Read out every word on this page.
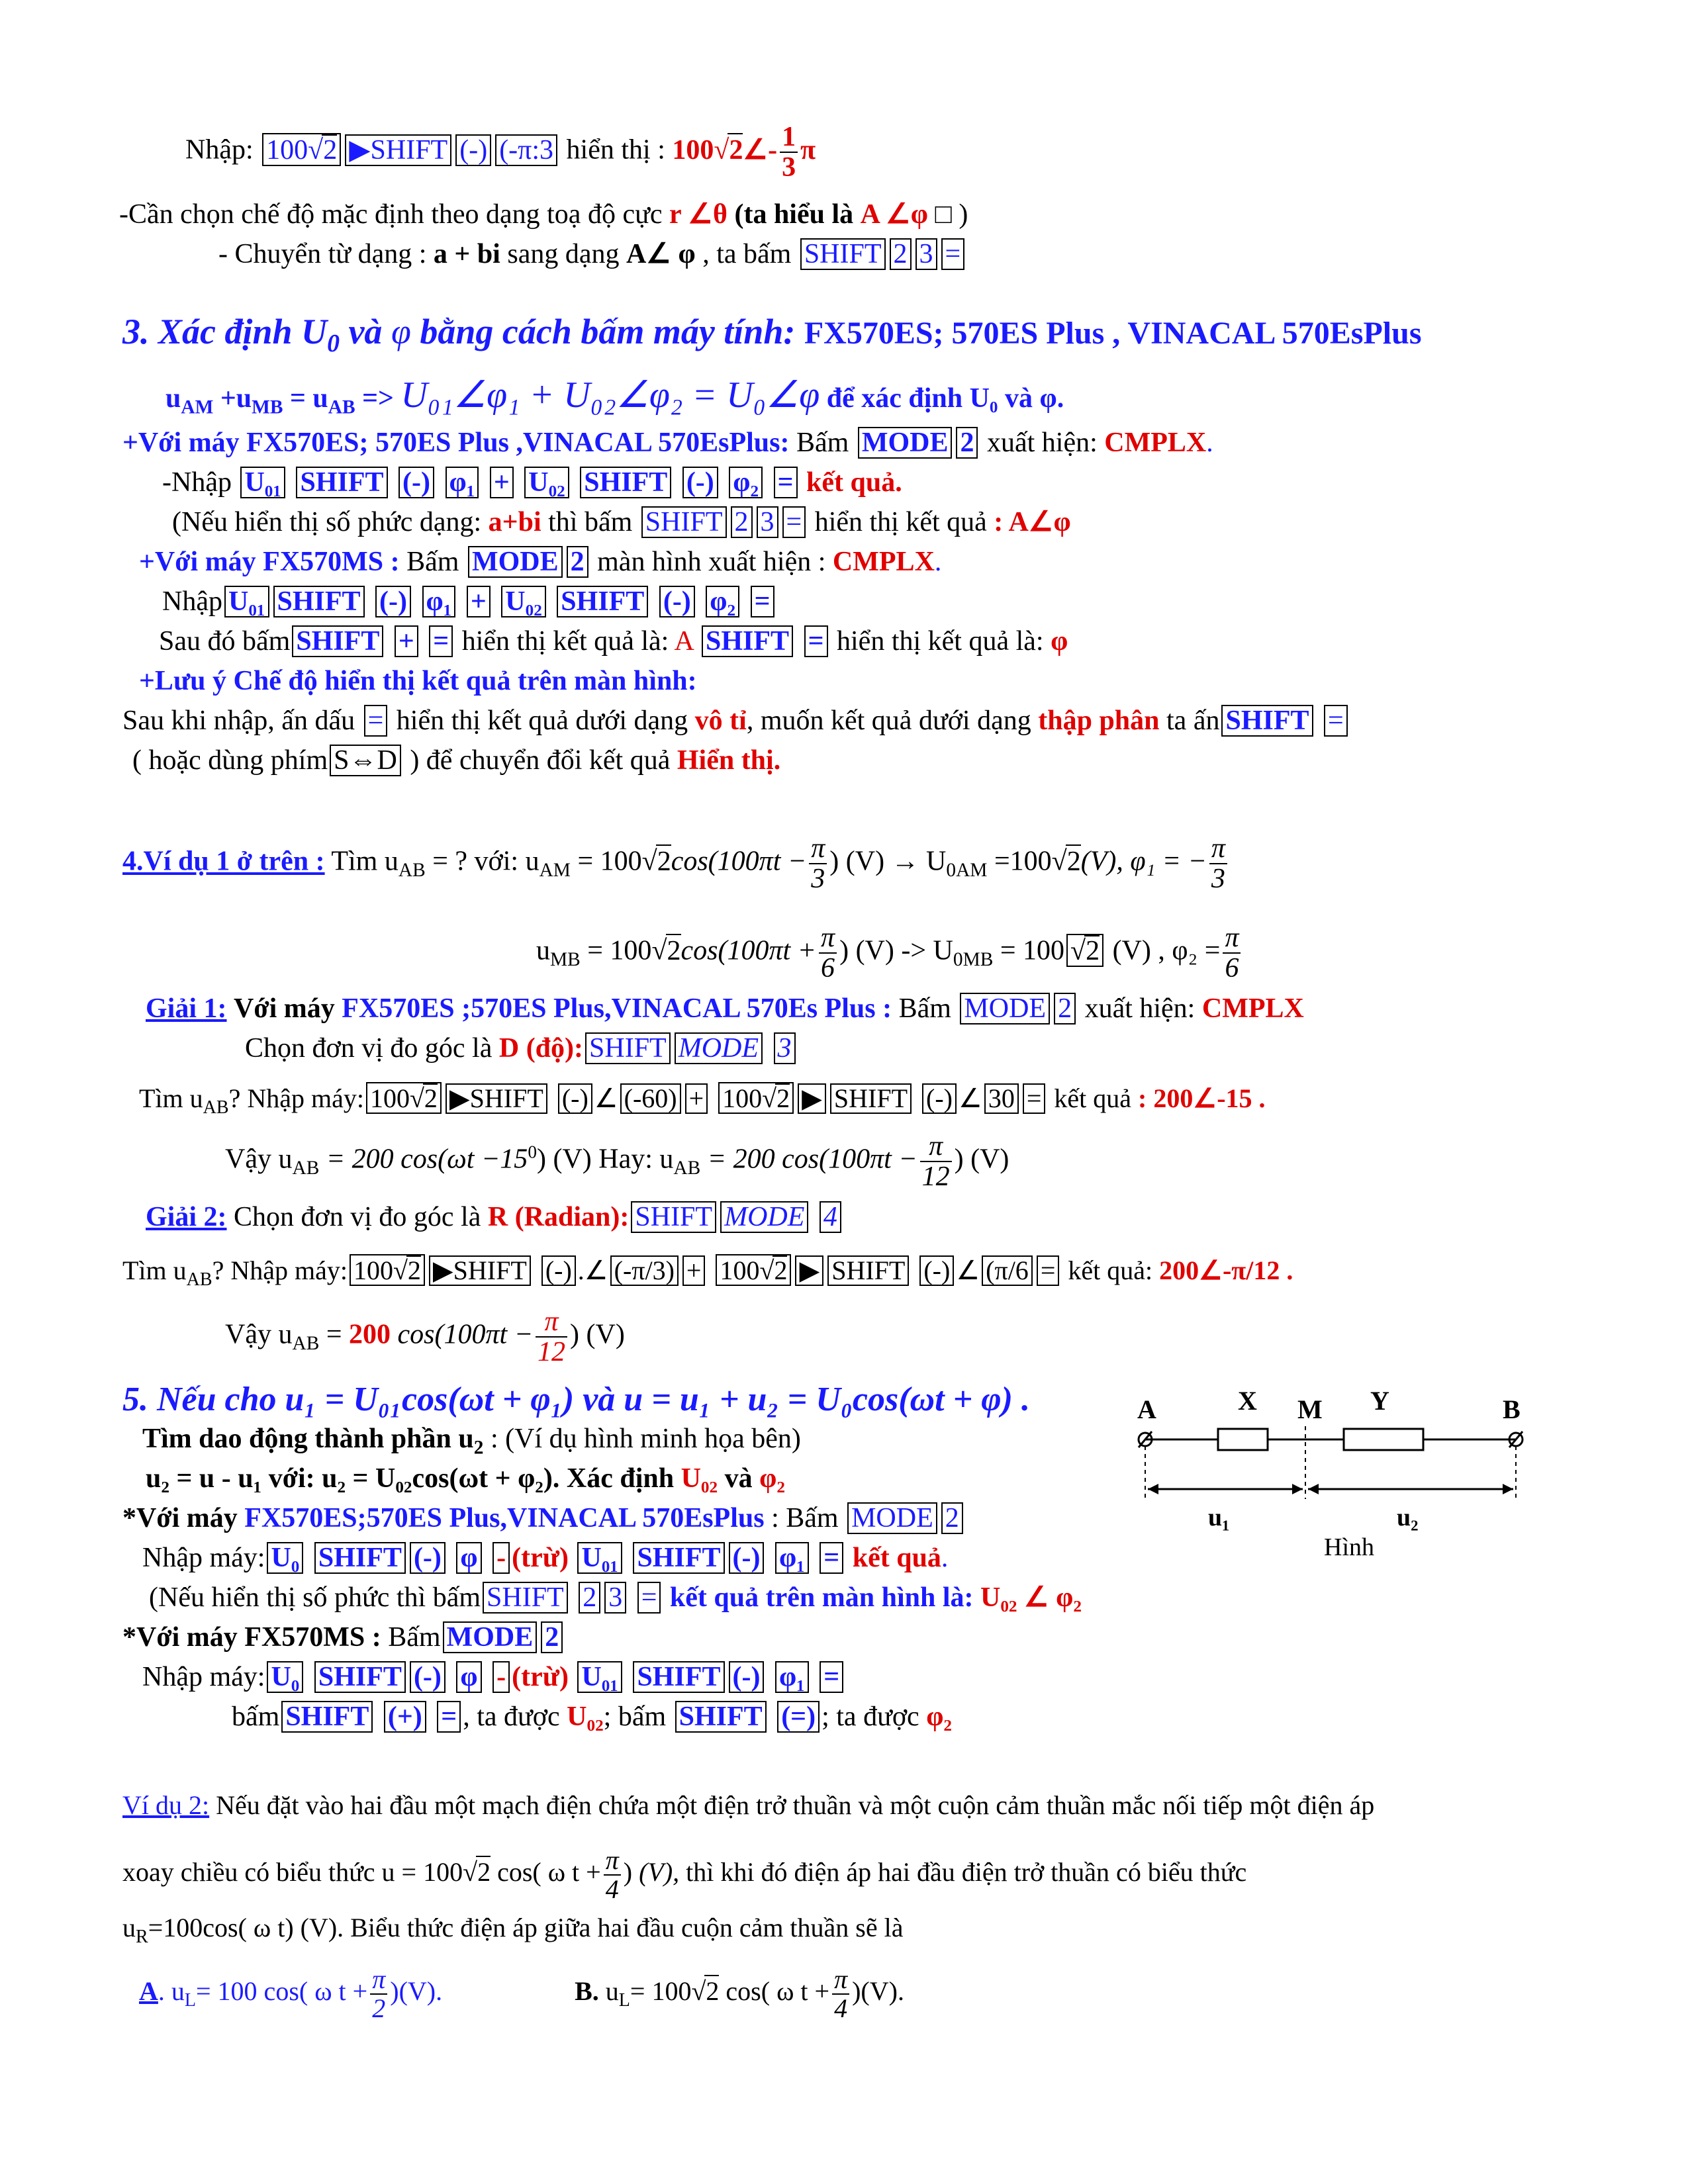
Nhập: 100√2 ▶SHIFT (-) (-π:3 hiển thị : 100√2∠- $\frac{1}{3}$ π
-Cần chọn chế độ mặc định theo dạng toạ độ cực r ∠θ (ta hiểu là A ∠φ □ )
- Chuyển từ dạng : a + bi sang dạng A∠ φ , ta bấm SHIFT 2 3 =
3. Xác định $U_0$ và φ bằng cách bấm máy tính: FX570ES; 570ES Plus , VINACAL 570EsPlus
$u_{AM} +u_{MB} = u_{AB}$ => U₀₁∠φ₁ + U₀₂∠φ₂ = U₀∠φ để xác định U₀ và φ.
+Với máy FX570ES; 570ES Plus ,VINACAL 570EsPlus: Bấm MODE 2 xuất hiện: CMPLX.
-Nhập U₀₁ SHIFT (-) φ₁ + U₀₂ SHIFT (-) φ₂ = kết quả.
(Nếu hiển thị số phức dạng: a+bi thì bấm SHIFT 2 3 = hiển thị kết quả : A∠φ
+Với máy FX570MS : Bấm MODE 2 màn hình xuất hiện : CMPLX.
Nhập U₀₁ SHIFT (-) φ₁ + U₀₂ SHIFT (-) φ₂ =
Sau đó bấm SHIFT + = hiển thị kết quả là: A SHIFT = hiển thị kết quả là: φ
+Lưu ý Chế độ hiển thị kết quả trên màn hình:
Sau khi nhập, ấn dấu = hiển thị kết quả dưới dạng vô tỉ, muốn kết quả dưới dạng thập phân ta ấn SHIFT =
( hoặc dùng phím S⇔D ) để chuyển đổi kết quả Hiển thị.
4.Ví dụ 1 ở trên : Tìm $u_{AB}$ = ? với: $u_{AM} = 100√2\cos(100\pi t - \frac{\pi}{3}$ ) $(V) \to U_{0AM} =100√2(V)$, φ₁ = − $\frac{\pi}{3}$
$u_{MB} = 100√2\cos(100\pi t + \frac{\pi}{6}$ ) $(V) -> U_{0MB} = 100$ √2 (V) , $\varphi_2 = \frac{\pi}{6}$
Giải 1: Với máy FX570ES ;570ES Plus,VINACAL 570Es Plus : Bấm MODE 2 xuất hiện: CMPLX
Chọn đơn vị đo góc là D (độ): SHIFT MODE 3
Tìm $u_{AB}$? Nhập máy: 100√2 ▶SHIFT (-) ∠ (-60) + 100√2 ▶ SHIFT (-) ∠ 30 = kết quả : 200∠-15 .
Vậy $u_{AB} = 200$ $\cos(\omega t -15^0)$ (V) Hay: $u_{AB} = 200$ $\cos(100\pi t - \frac{\pi}{12}$ ) (V)
Giải 2: Chọn đơn vị đo góc là R (Radian): SHIFT MODE 4
Tìm $u_{AB}$? Nhập máy: 100√2 ▶SHIFT (-) .∠ (-π/3) + 100√2 ▶ SHIFT (-) ∠ (π/6 = kết quả: 200∠-π/12 .
Vậy $u_{AB} = 200$ $\cos(100\pi t - \frac{\pi}{12}$ ) (V)
5. Nếu cho u₁ = U₀₁cos(ωt + φ₁) và u = u₁ + u₂ = U₀cos(ωt + φ) .
Tìm dao động thành phần $u_2$ : (Ví dụ hình minh họa bên)
u₂ = u - u₁ với: u₂ = U₀₂cos(ωt + φ₂). Xác định U₀₂ và φ₂
*Với máy FX570ES;570ES Plus,VINACAL 570EsPlus : Bấm MODE 2
Nhập máy: U₀ SHIFT (-) φ - (trừ) U₀₁ SHIFT (-) φ₁ = kết quả.
(Nếu hiển thị số phức thì bấm SHIFT 2 3 = kết quả trên màn hình là: U₀₂ ∠ φ₂
*Với máy FX570MS : Bấm MODE 2
Nhập máy: U₀ SHIFT (-) φ - (trừ) U₀₁ SHIFT (-) φ₁ =
bấm SHIFT (+) = , ta được U₀₂; bấm SHIFT (=) ; ta được φ₂
A	X M Y	B
u₁	u₂
Hình
Ví dụ 2: Nếu đặt vào hai đầu một mạch điện chứa một điện trở thuần và một cuộn cảm thuần mắc nối tiếp một điện áp
xoay chiều có biểu thức u = 100√2 cos( ω $t + \frac{\pi}{4}$ ) (V), thì khi đó điện áp hai đầu điện trở thuần có biểu thức
$u_R=100\cos$( ω t) (V). Biểu thức điện áp giữa hai đầu cuộn cảm thuần sẽ là
A. $u_L= 100$ cos( ω $t + \frac{\pi}{2} )(V)$.	B. $u_L= 100√2$ cos( ω $t + \frac{\pi}{4} )(V)$.
